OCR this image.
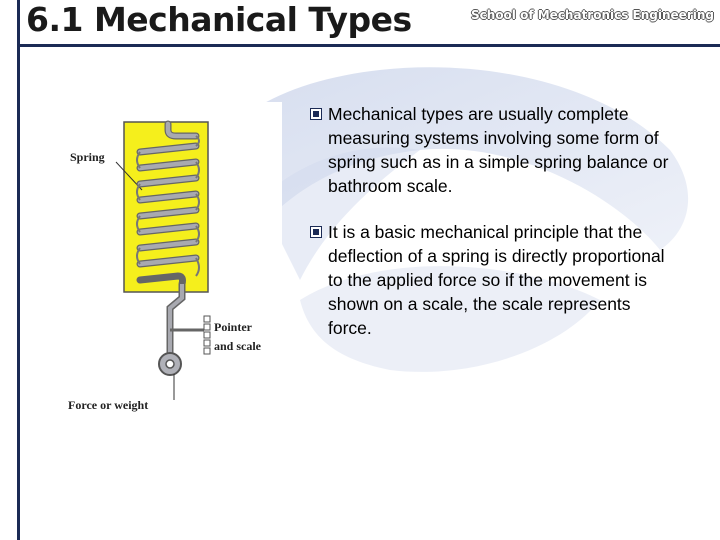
6.1 Mechanical Types	School of Mechatronics Engineering
Spring
Pointer
and scale
Force or weight
Mechanical types are usually complete measuring systems involving some form of spring such as in a simple spring balance or bathroom scale.
It is a basic mechanical principle that the deflection of a spring is directly proportional to the applied force so if the movement is shown on a scale, the scale represents force.
